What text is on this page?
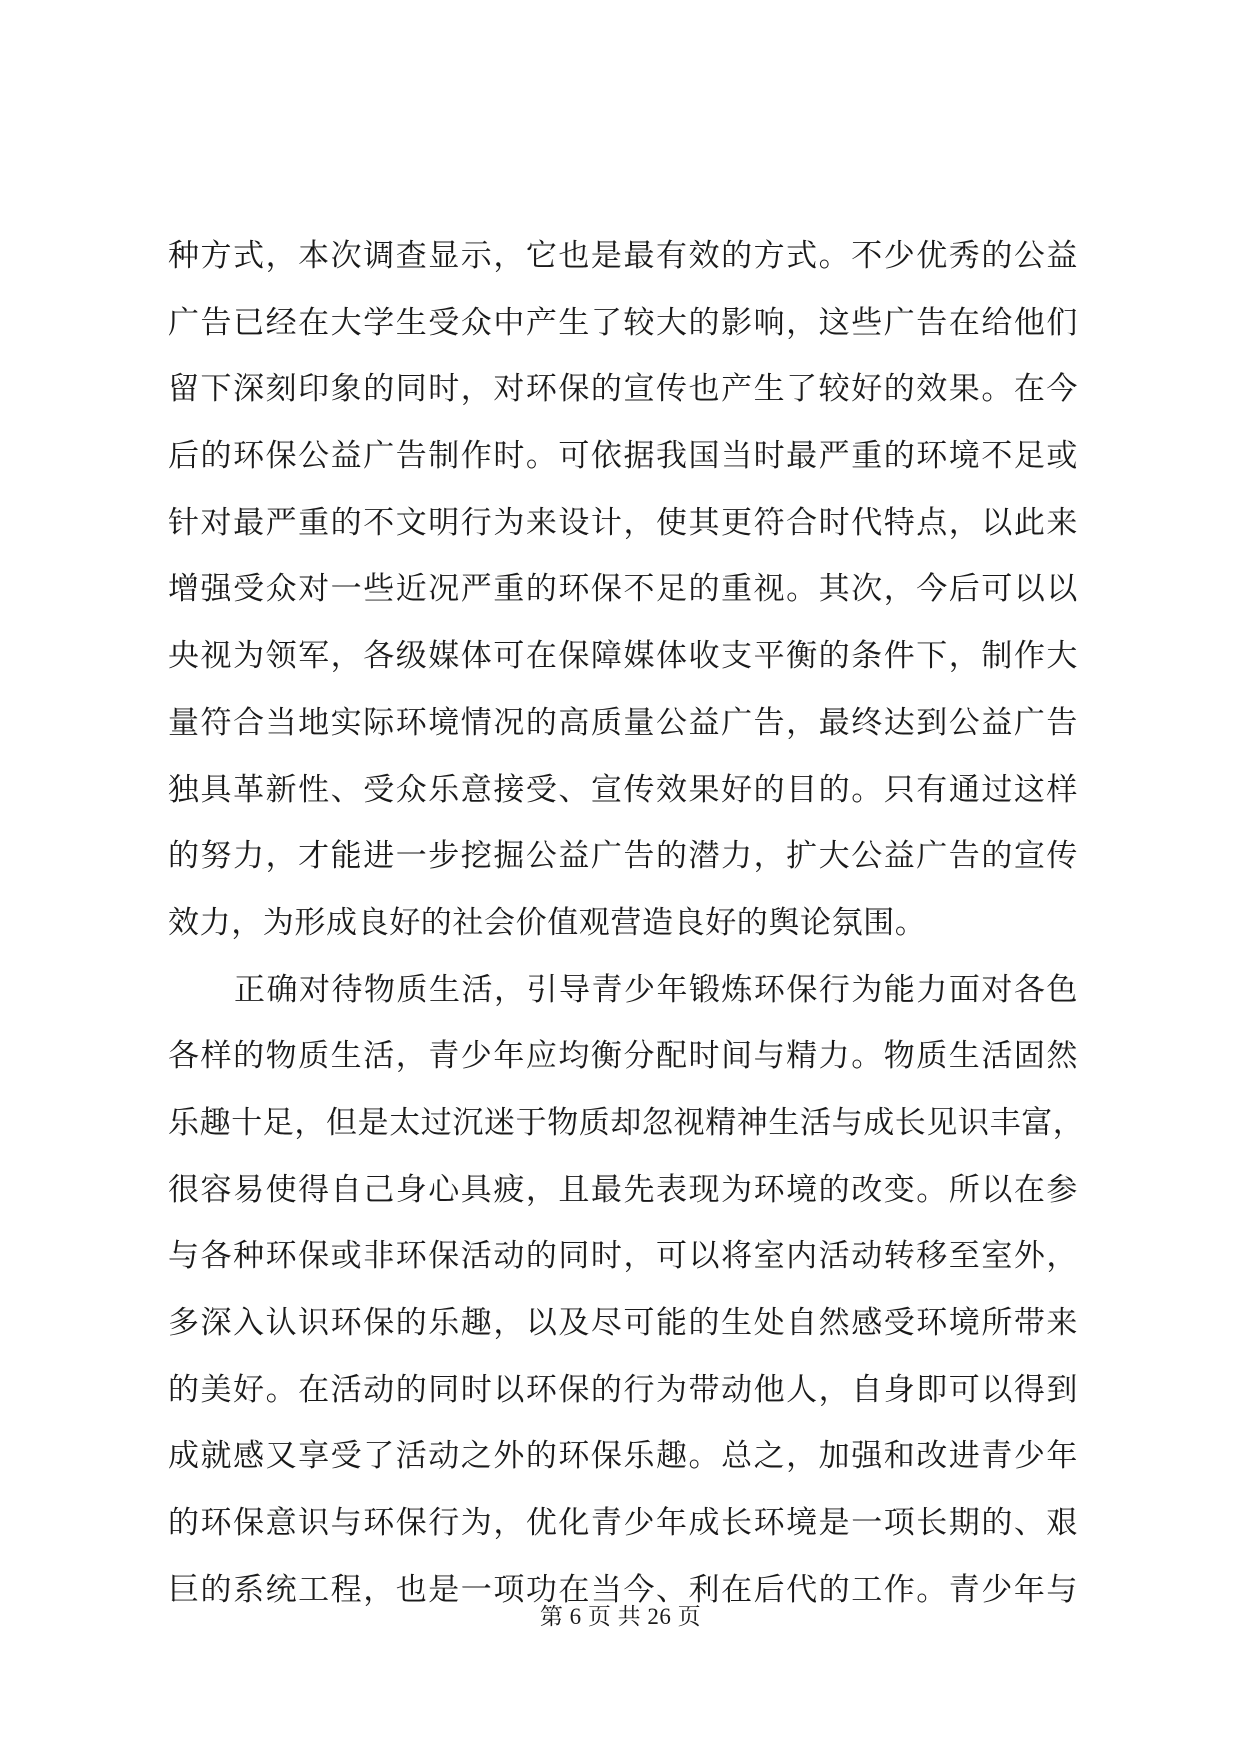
种方式，本次调查显示，它也是最有效的方式。不少优秀的公益
广告已经在大学生受众中产生了较大的影响，这些广告在给他们
留下深刻印象的同时，对环保的宣传也产生了较好的效果。在今
后的环保公益广告制作时。可依据我国当时最严重的环境不足或
针对最严重的不文明行为来设计，使其更符合时代特点，以此来
增强受众对一些近况严重的环保不足的重视。其次，今后可以以
央视为领军，各级媒体可在保障媒体收支平衡的条件下，制作大
量符合当地实际环境情况的高质量公益广告，最终达到公益广告
独具革新性、受众乐意接受、宣传效果好的目的。只有通过这样
的努力，才能进一步挖掘公益广告的潜力，扩大公益广告的宣传
效力，为形成良好的社会价值观营造良好的舆论氛围。
正确对待物质生活，引导青少年锻炼环保行为能力面对各色
各样的物质生活，青少年应均衡分配时间与精力。物质生活固然
乐趣十足，但是太过沉迷于物质却忽视精神生活与成长见识丰富，
很容易使得自己身心具疲，且最先表现为环境的改变。所以在参
与各种环保或非环保活动的同时，可以将室内活动转移至室外，
多深入认识环保的乐趣，以及尽可能的生处自然感受环境所带来
的美好。在活动的同时以环保的行为带动他人，自身即可以得到
成就感又享受了活动之外的环保乐趣。总之，加强和改进青少年
的环保意识与环保行为，优化青少年成长环境是一项长期的、艰
巨的系统工程，也是一项功在当今、利在后代的工作。青少年与
第 6 页 共 26 页
